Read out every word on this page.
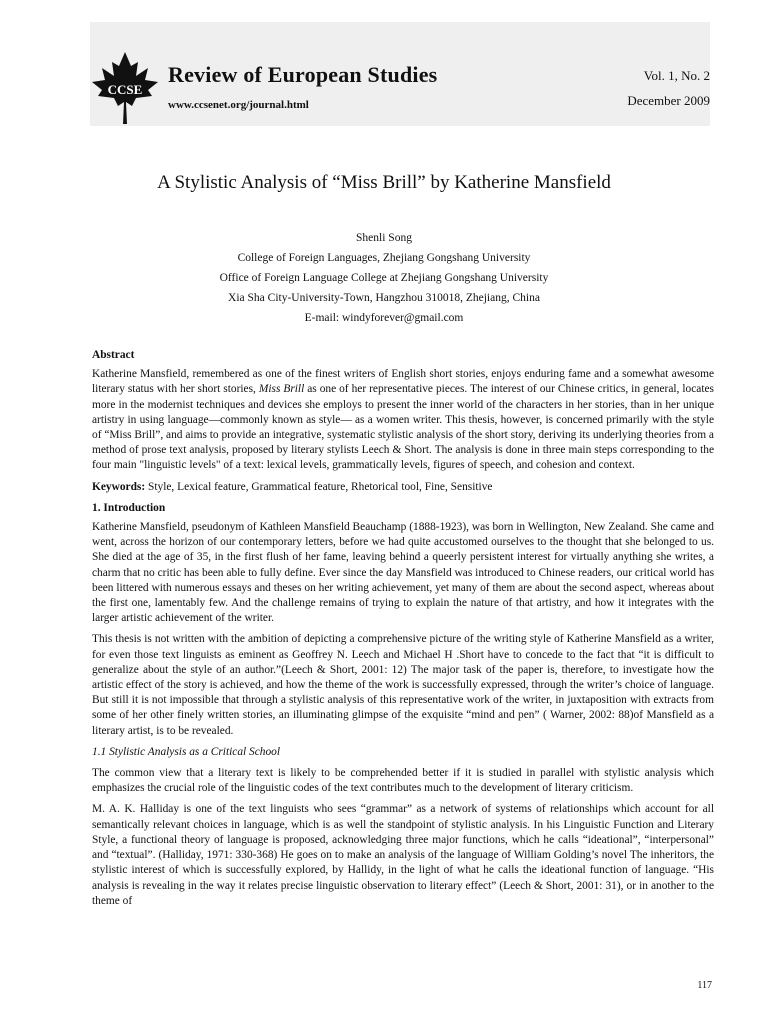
CCSE
Review of European Studies
www.ccsenet.org/journal.html
Vol. 1, No. 2
December 2009
A Stylistic Analysis of “Miss Brill” by Katherine Mansfield
Shenli Song
College of Foreign Languages, Zhejiang Gongshang University
Office of Foreign Language College at Zhejiang Gongshang University
Xia Sha City-University-Town, Hangzhou 310018, Zhejiang, China
E-mail: windyforever@gmail.com
Abstract

Katherine Mansfield, remembered as one of the finest writers of English short stories, enjoys enduring fame and a somewhat awesome literary status with her short stories, Miss Brill as one of her representative pieces. The interest of our Chinese critics, in general, locates more in the modernist techniques and devices she employs to present the inner world of the characters in her stories, than in her unique artistry in using language—commonly known as style— as a women writer. This thesis, however, is concerned primarily with the style of “Miss Brill”, and aims to provide an integrative, systematic stylistic analysis of the short story, deriving its underlying theories from a method of prose text analysis, proposed by literary stylists Leech & Short. The analysis is done in three main steps corresponding to the four main "linguistic levels" of a text: lexical levels, grammatically levels, figures of speech, and cohesion and context.

Keywords: Style, Lexical feature, Grammatical feature, Rhetorical tool, Fine, Sensitive

1. Introduction

Katherine Mansfield, pseudonym of Kathleen Mansfield Beauchamp (1888-1923), was born in Wellington, New Zealand. She came and went, across the horizon of our contemporary letters, before we had quite accustomed ourselves to the thought that she belonged to us. She died at the age of 35, in the first flush of her fame, leaving behind a queerly persistent interest for virtually anything she writes, a charm that no critic has been able to fully define. Ever since the day Mansfield was introduced to Chinese readers, our critical world has been littered with numerous essays and theses on her writing achievement, yet many of them are about the second aspect, whereas about the first one, lamentably few. And the challenge remains of trying to explain the nature of that artistry, and how it integrates with the larger artistic achievement of the writer.

This thesis is not written with the ambition of depicting a comprehensive picture of the writing style of Katherine Mansfield as a writer, for even those text linguists as eminent as Geoffrey N. Leech and Michael H .Short have to concede to the fact that “it is difficult to generalize about the style of an author.”(Leech & Short, 2001: 12) The major task of the paper is, therefore, to investigate how the artistic effect of the story is achieved, and how the theme of the work is successfully expressed, through the writer’s choice of language. But still it is not impossible that through a stylistic analysis of this representative work of the writer, in juxtaposition with extracts from some of her other finely written stories, an illuminating glimpse of the exquisite “mind and pen” ( Warner, 2002: 88)of Mansfield as a literary artist, is to be revealed.

1.1 Stylistic Analysis as a Critical School

The common view that a literary text is likely to be comprehended better if it is studied in parallel with stylistic analysis which emphasizes the crucial role of the linguistic codes of the text contributes much to the development of literary criticism.

M. A. K. Halliday is one of the text linguists who sees “grammar” as a network of systems of relationships which account for all semantically relevant choices in language, which is as well the standpoint of stylistic analysis. In his Linguistic Function and Literary Style, a functional theory of language is proposed, acknowledging three major functions, which he calls “ideational”, “interpersonal” and “textual”. (Halliday, 1971: 330-368) He goes on to make an analysis of the language of William Golding’s novel The inheritors, the stylistic interest of which is successfully explored, by Hallidy, in the light of what he calls the ideational function of language. “His analysis is revealing in the way it relates precise linguistic observation to literary effect” (Leech & Short, 2001: 31), or in another to the theme of

117
